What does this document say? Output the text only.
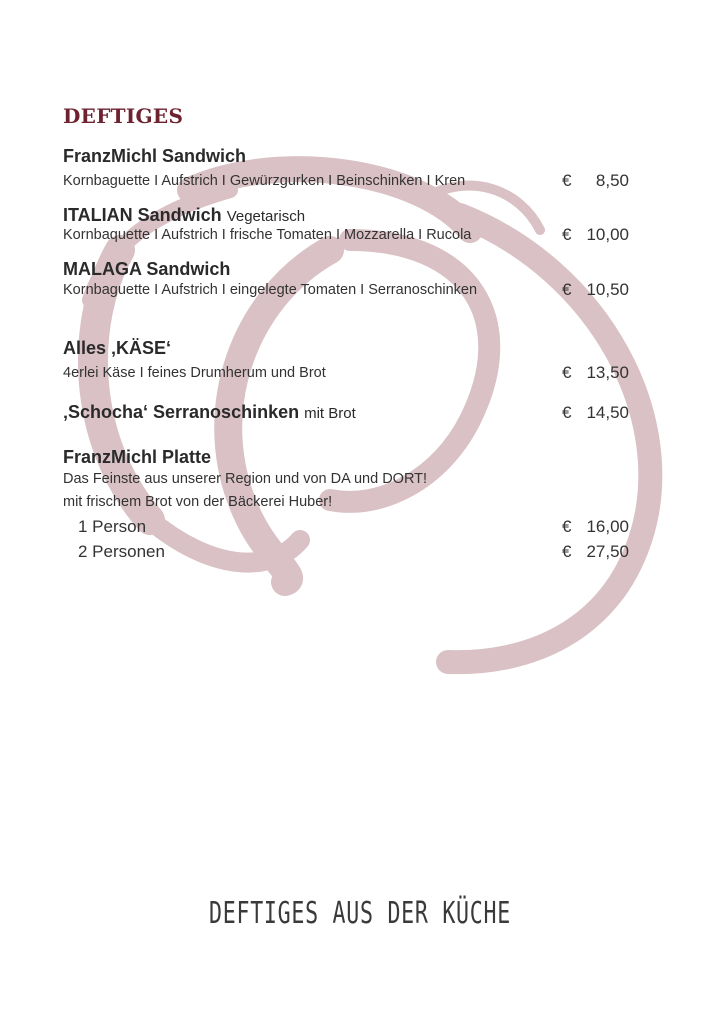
DEFTIGES
FranzMichl Sandwich
Kornbaguette I Aufstrich I Gewürzgurken I Beinschinken I Kren	€ 8,50
ITALIAN Sandwich Vegetarisch
Kornbaquette I Aufstrich I frische Tomaten I Mozzarella I Rucola	€ 10,00
MALAGA Sandwich
Kornbaguette I Aufstrich I eingelegte Tomaten I Serranoschinken	€ 10,50
Alles ‚KÄSE‘
4erlei Käse I feines Drumherum und Brot	€ 13,50
‚Schocha‘ Serranoschinken mit Brot	€ 14,50
FranzMichl Platte
Das Feinste aus unserer Region und von DA und DORT!
mit frischem Brot von der Bäckerei Huber!
1 Person	€ 16,00
2 Personen	€ 27,50
DEFTIGES AUS DER KÜCHE
